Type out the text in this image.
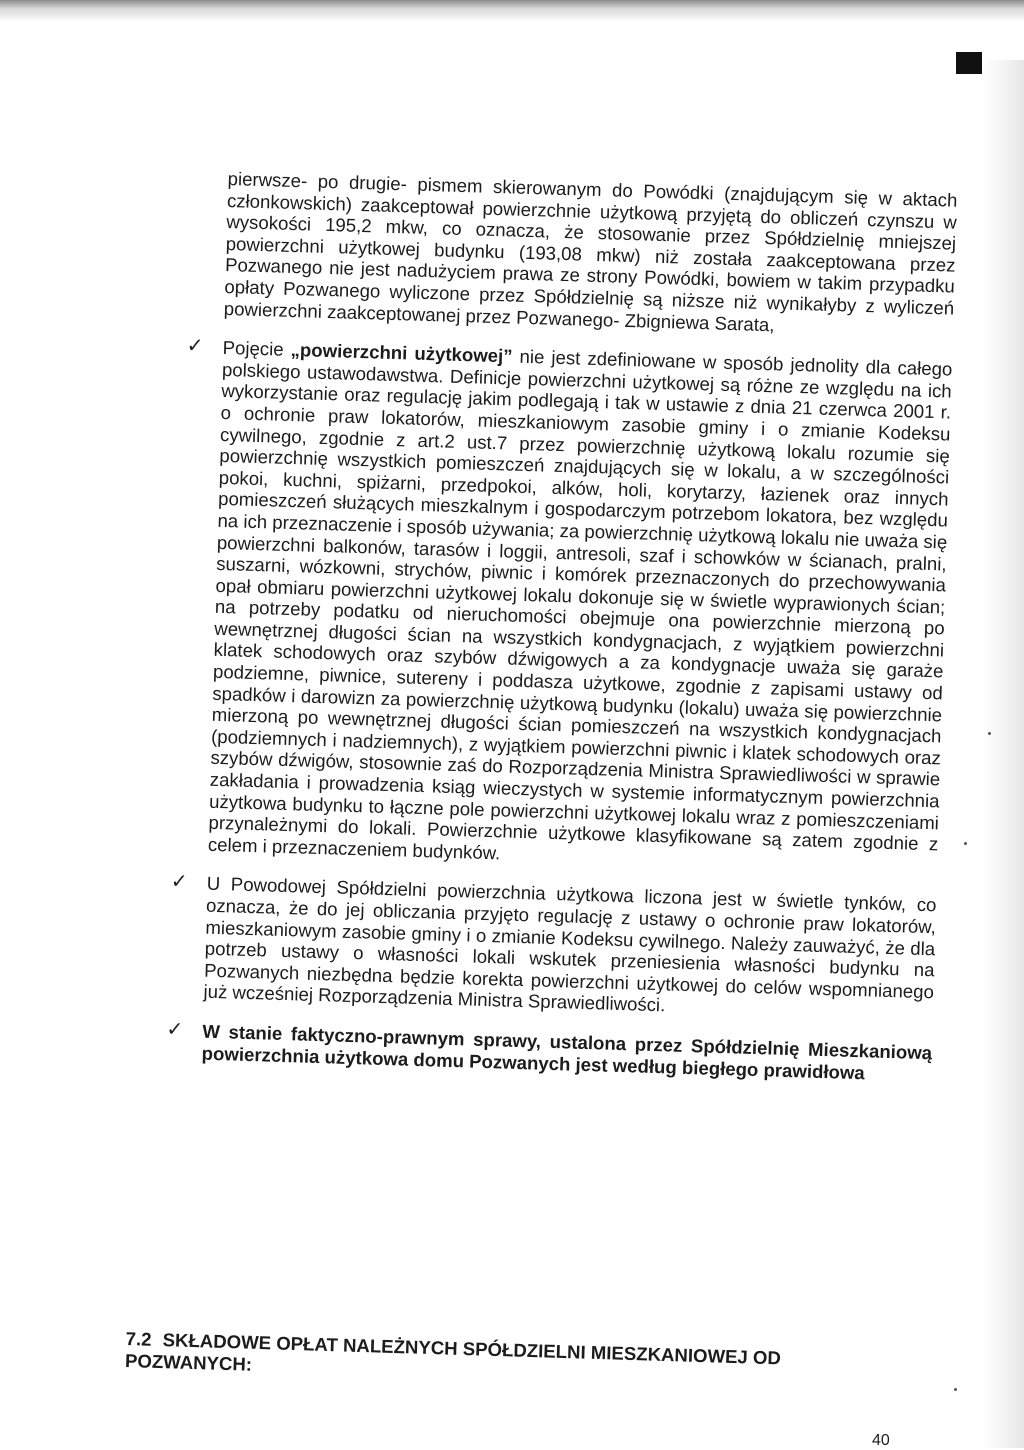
pierwsze- po drugie- pismem skierowanym do Powódki (znajdującym się w aktach członkowskich) zaakceptował powierzchnie użytkową przyjętą do obliczeń czynszu w wysokości 195,2 mkw, co oznacza, że stosowanie przez Spółdzielnię mniejszej powierzchni użytkowej budynku (193,08 mkw) niż została zaakceptowana przez Pozwanego nie jest nadużyciem prawa ze strony Powódki, bowiem w takim przypadku opłaty Pozwanego wyliczone przez Spółdzielnię są niższe niż wynikałyby z wyliczeń powierzchni zaakceptowanej przez Pozwanego- Zbigniewa Sarata,

✓ Pojęcie „powierzchni użytkowej” nie jest zdefiniowane w sposób jednolity dla całego polskiego ustawodawstwa. Definicje powierzchni użytkowej są różne ze względu na ich wykorzystanie oraz regulację jakim podlegają i tak w ustawie z dnia 21 czerwca 2001 r. o ochronie praw lokatorów, mieszkaniowym zasobie gminy i o zmianie Kodeksu cywilnego, zgodnie z art.2 ust.7 przez powierzchnię użytkową lokalu rozumie się powierzchnię wszystkich pomieszczeń znajdujących się w lokalu, a w szczególności pokoi, kuchni, spiżarni, przedpokoi, alków, holi, korytarzy, łazienek oraz innych pomieszczeń służących mieszkalnym i gospodarczym potrzebom lokatora, bez względu na ich przeznaczenie i sposób używania; za powierzchnię użytkową lokalu nie uważa się powierzchni balkonów, tarasów i loggii, antresoli, szaf i schowków w ścianach, pralni, suszarni, wózkowni, strychów, piwnic i komórek przeznaczonych do przechowywania opał obmiaru powierzchni użytkowej lokalu dokonuje się w świetle wyprawionych ścian; na potrzeby podatku od nieruchomości obejmuje ona powierzchnie mierzoną po wewnętrznej długości ścian na wszystkich kondygnacjach, z wyjątkiem powierzchni klatek schodowych oraz szybów dźwigowych a za kondygnacje uważa się garaże podziemne, piwnice, sutereny i poddasza użytkowe, zgodnie z zapisami ustawy od spadków i darowizn za powierzchnię użytkową budynku (lokalu) uważa się powierzchnie mierzoną po wewnętrznej długości ścian pomieszczeń na wszystkich kondygnacjach (podziemnych i nadziemnych), z wyjątkiem powierzchni piwnic i klatek schodowych oraz szybów dźwigów, stosownie zaś do Rozporządzenia Ministra Sprawiedliwości w sprawie zakładania i prowadzenia ksiąg wieczystych w systemie informatycznym powierzchnia użytkowa budynku to łączne pole powierzchni użytkowej lokalu wraz z pomieszczeniami przynależnymi do lokali. Powierzchnie użytkowe klasyfikowane są zatem zgodnie z celem i przeznaczeniem budynków.

✓ U Powodowej Spółdzielni powierzchnia użytkowa liczona jest w świetle tynków, co oznacza, że do jej obliczania przyjęto regulację z ustawy o ochronie praw lokatorów, mieszkaniowym zasobie gminy i o zmianie Kodeksu cywilnego. Należy zauważyć, że dla potrzeb ustawy o własności lokali wskutek przeniesienia własności budynku na Pozwanych niezbędna będzie korekta powierzchni użytkowej do celów wspomnianego już wcześniej Rozporządzenia Ministra Sprawiedliwości.

✓ W stanie faktyczno-prawnym sprawy, ustalona przez Spółdzielnię Mieszkaniową powierzchnia użytkowa domu Pozwanych jest według biegłego prawidłowa

7.2 SKŁADOWE OPŁAT NALEŻNYCH SPÓŁDZIELNI MIESZKANIOWEJ OD POZWANYCH:
40
